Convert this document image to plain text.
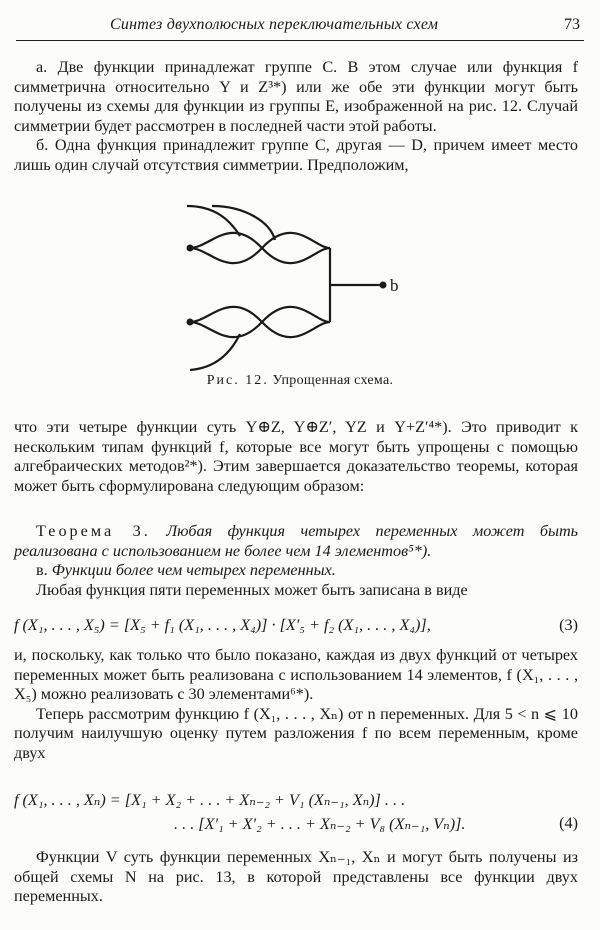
Синтез двухполюсных переключательных схем	73

а. Две функции принадлежат группе C. В этом случае или функция f симметрична относительно Y и Z³*) или же обе эти функции могут быть получены из схемы для функции из группы E, изображенной на рис. 12. Случай симметрии будет рассмотрен в последней части этой работы.

б. Одна функция принадлежит группе C, другая — D, причем имеет место лишь один случай отсутствия симметрии. Предположим,

b
Рис. 12. Упрощенная схема.

что эти четыре функции суть Y⊕Z, Y⊕Z′, YZ и Y+Z′⁴*). Это приводит к нескольким типам функций f, которые все могут быть упрощены с помощью алгебраических методов²*). Этим завершается доказательство теоремы, которая может быть сформулирована следующим образом:

Теорема 3. Любая функция четырех переменных может быть реализована с использованием не более чем 14 элементов⁵*).

в. Функции более чем четырех переменных.

Любая функция пяти переменных может быть записана в виде

f (X₁, . . . , X₅) = [X₅ + f₁ (X₁, . . . , X₄)] · [X′₅ + f₂ (X₁, . . . , X₄)],	(3)

и, поскольку, как только что было показано, каждая из двух функций от четырех переменных может быть реализована с использованием 14 элементов, f (X₁, . . . , X₅) можно реализовать с 30 элементами⁶*).

Теперь рассмотрим функцию f (X₁, . . . , Xₙ) от n переменных. Для 5 < n ⩽ 10 получим наилучшую оценку путем разложения f по всем переменным, кроме двух

f (X₁, . . . , Xₙ) = [X₁ + X₂ + . . . + Xₙ₋₂ + V₁ (Xₙ₋₁, Xₙ)] . . .
. . . [X′₁ + X′₂ + . . . + Xₙ₋₂ + V₈ (Xₙ₋₁, Vₙ)].	(4)

Функции V суть функции переменных Xₙ₋₁, Xₙ и могут быть получены из общей схемы N на рис. 13, в которой представлены все функции двух переменных.
